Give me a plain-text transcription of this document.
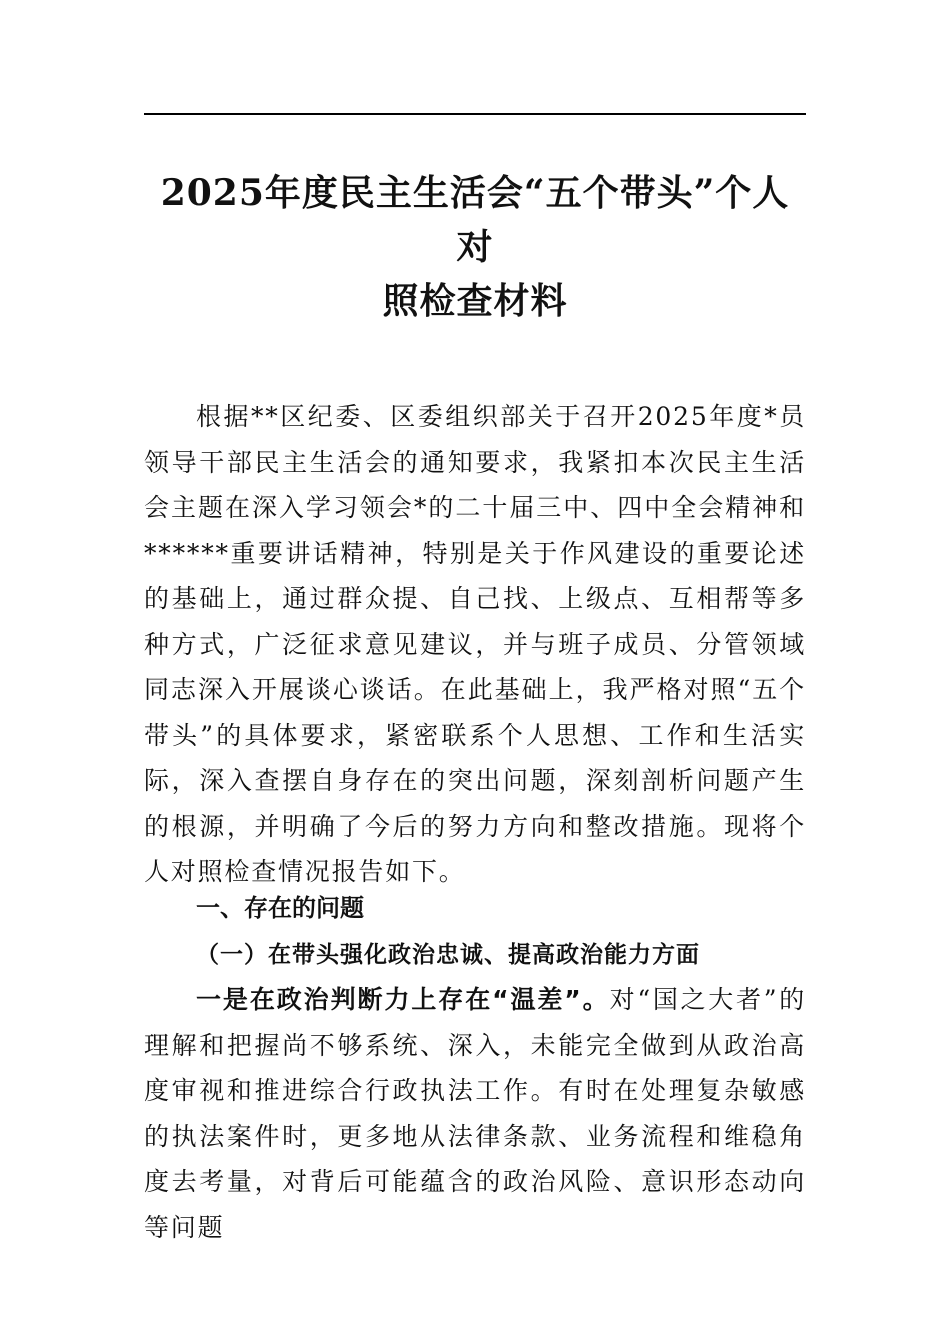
2025年度民主生活会“五个带头”个人对
照检查材料

根据**区纪委、区委组织部关于召开2025年度*员领导干部民主生活会的通知要求，我紧扣本次民主生活会主题在深入学习领会*的二十届三中、四中全会精神和******重要讲话精神，特别是关于作风建设的重要论述的基础上，通过群众提、自己找、上级点、互相帮等多种方式，广泛征求意见建议，并与班子成员、分管领域同志深入开展谈心谈话。在此基础上，我严格对照“五个带头”的具体要求，紧密联系个人思想、工作和生活实际，深入查摆自身存在的突出问题，深刻剖析问题产生的根源，并明确了今后的努力方向和整改措施。现将个人对照检查情况报告如下。

一、存在的问题
（一）在带头强化政治忠诚、提高政治能力方面

一是在政治判断力上存在“温差”。对“国之大者”的理解和把握尚不够系统、深入，未能完全做到从政治高度审视和推进综合行政执法工作。有时在处理复杂敏感的执法案件时，更多地从法律条款、业务流程和维稳角度去考量，对背后可能蕴含的政治风险、意识形态动向等问题
